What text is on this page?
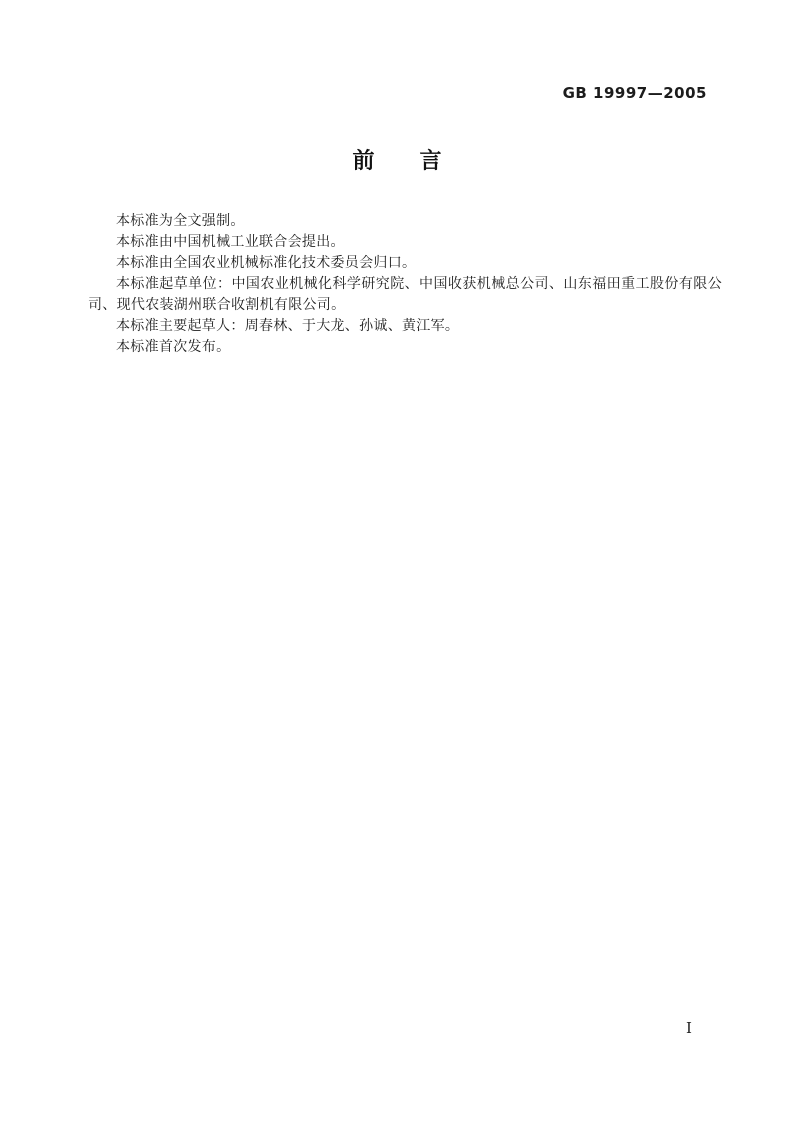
GB 19997—2005
前 言

本标准为全文强制。

本标准由中国机械工业联合会提出。

本标准由全国农业机械标准化技术委员会归口。

本标准起草单位：中国农业机械化科学研究院、中国收获机械总公司、山东福田重工股份有限公司、现代农装湖州联合收割机有限公司。

本标准主要起草人：周春林、于大龙、孙诚、黄江军。

本标准首次发布。

I
